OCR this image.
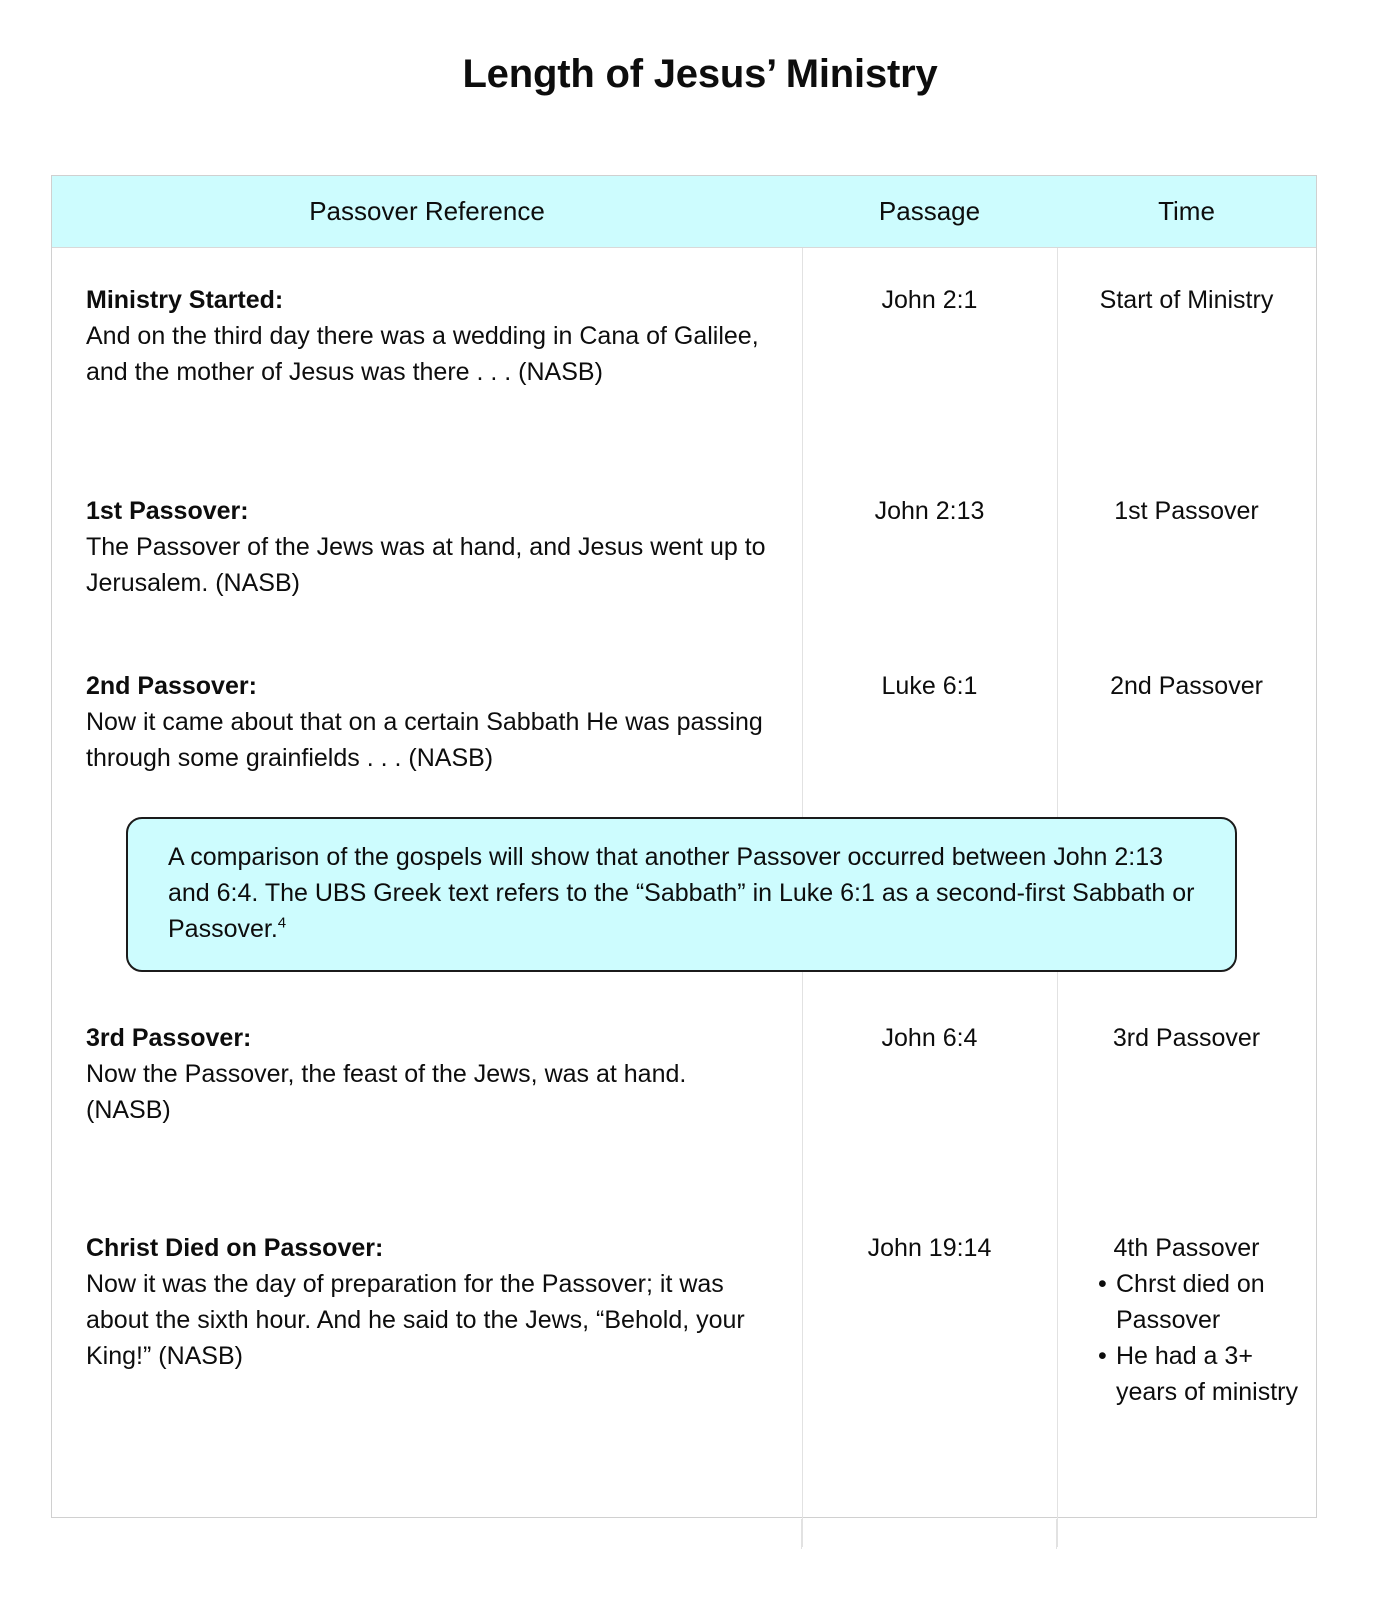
Length of Jesus’ Ministry
Passover Reference	Passage	Time
Ministry Started:
And on the third day there was a wedding in Cana of Galilee, and the mother of Jesus was there . . . (NASB)
John 2:1	Start of Ministry
1st Passover:
The Passover of the Jews was at hand, and Jesus went up to Jerusalem. (NASB)
John 2:13	1st Passover
2nd Passover:
Now it came about that on a certain Sabbath He was passing through some grainfields . . . (NASB)
Luke 6:1	2nd Passover
3rd Passover:
Now the Passover, the feast of the Jews, was at hand. (NASB)
John 6:4	3rd Passover
Christ Died on Passover:
Now it was the day of preparation for the Passover; it was about the sixth hour. And he said to the Jews, “Behold, your King!” (NASB)
John 19:14	4th Passover
• Chrst died on Passover
• He had a 3+ years of ministry
A comparison of the gospels will show that another Passover occurred between John 2:13 and 6:4. The UBS Greek text refers to the “Sabbath” in Luke 6:1 as a second-first Sabbath or Passover.$^4$
